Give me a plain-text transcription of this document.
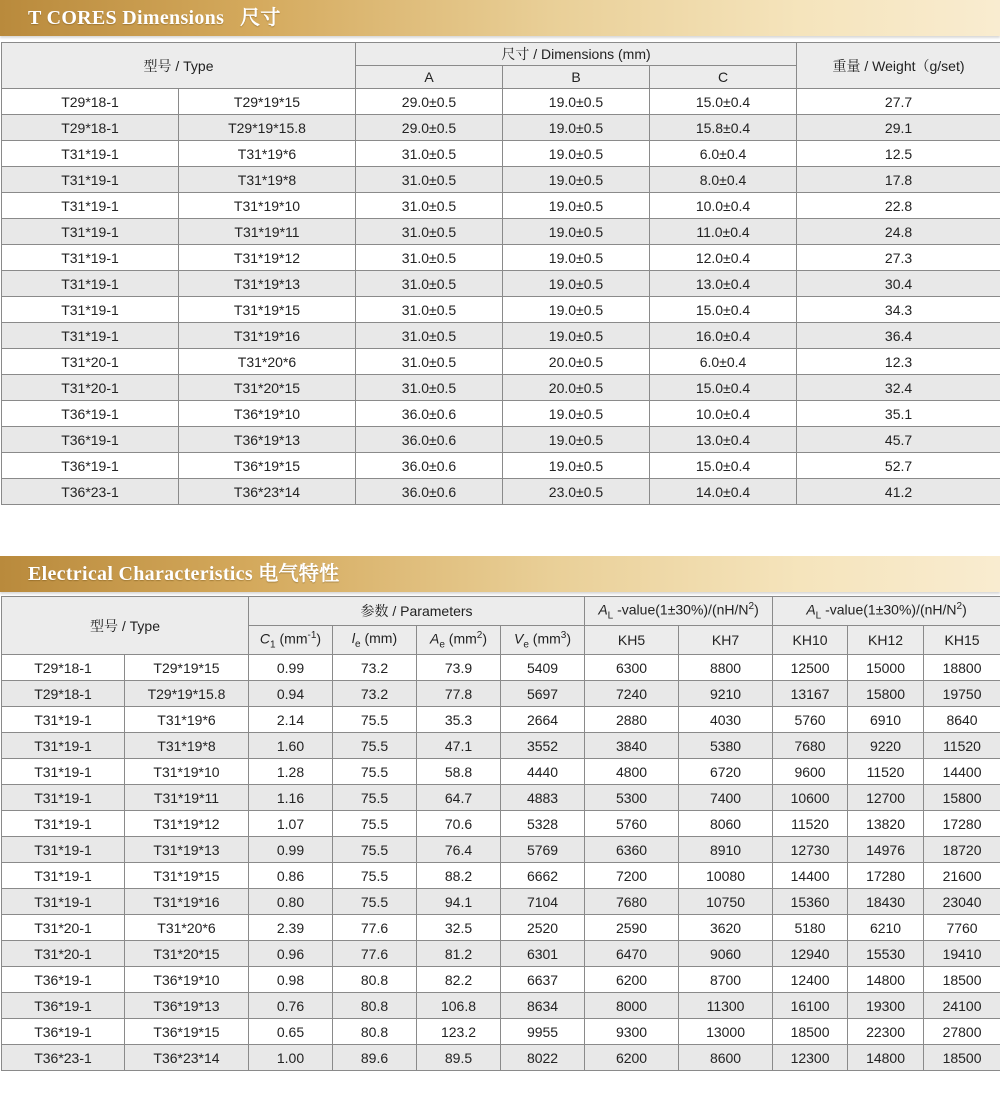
T CORES Dimensions   尺寸
型号 / Type		尺寸 / Dimensions (mm)			重量 / Weight（g/set)
		A	B	C	
T29*18-1	T29*19*15	29.0±0.5	19.0±0.5	15.0±0.4	27.7
T29*18-1	T29*19*15.8	29.0±0.5	19.0±0.5	15.8±0.4	29.1
T31*19-1	T31*19*6	31.0±0.5	19.0±0.5	6.0±0.4	12.5
T31*19-1	T31*19*8	31.0±0.5	19.0±0.5	8.0±0.4	17.8
T31*19-1	T31*19*10	31.0±0.5	19.0±0.5	10.0±0.4	22.8
T31*19-1	T31*19*11	31.0±0.5	19.0±0.5	11.0±0.4	24.8
T31*19-1	T31*19*12	31.0±0.5	19.0±0.5	12.0±0.4	27.3
T31*19-1	T31*19*13	31.0±0.5	19.0±0.5	13.0±0.4	30.4
T31*19-1	T31*19*15	31.0±0.5	19.0±0.5	15.0±0.4	34.3
T31*19-1	T31*19*16	31.0±0.5	19.0±0.5	16.0±0.4	36.4
T31*20-1	T31*20*6	31.0±0.5	20.0±0.5	6.0±0.4	12.3
T31*20-1	T31*20*15	31.0±0.5	20.0±0.5	15.0±0.4	32.4
T36*19-1	T36*19*10	36.0±0.6	19.0±0.5	10.0±0.4	35.1
T36*19-1	T36*19*13	36.0±0.6	19.0±0.5	13.0±0.4	45.7
T36*19-1	T36*19*15	36.0±0.6	19.0±0.5	15.0±0.4	52.7
T36*23-1	T36*23*14	36.0±0.6	23.0±0.5	14.0±0.4	41.2
Electrical Characteristics 电气特性
型号 / Type		参数 / Parameters				$A_L$ $-value(1\pm 30\%)/(nH/N^2)$		$A_L$ $-value(1\pm 30\%)/(nH/N^2)$		
		$C_1$ $(mm^{-1})$	$l_e$ (mm)	$A_e$ $(mm^2)$	$V_e$ $(mm^3)$	KH5	KH7	KH10	KH12	KH15
T29*18-1	T29*19*15	0.99	73.2	73.9	5409	6300	8800	12500	15000	18800
T29*18-1	T29*19*15.8	0.94	73.2	77.8	5697	7240	9210	13167	15800	19750
T31*19-1	T31*19*6	2.14	75.5	35.3	2664	2880	4030	5760	6910	8640
T31*19-1	T31*19*8	1.60	75.5	47.1	3552	3840	5380	7680	9220	11520
T31*19-1	T31*19*10	1.28	75.5	58.8	4440	4800	6720	9600	11520	14400
T31*19-1	T31*19*11	1.16	75.5	64.7	4883	5300	7400	10600	12700	15800
T31*19-1	T31*19*12	1.07	75.5	70.6	5328	5760	8060	11520	13820	17280
T31*19-1	T31*19*13	0.99	75.5	76.4	5769	6360	8910	12730	14976	18720
T31*19-1	T31*19*15	0.86	75.5	88.2	6662	7200	10080	14400	17280	21600
T31*19-1	T31*19*16	0.80	75.5	94.1	7104	7680	10750	15360	18430	23040
T31*20-1	T31*20*6	2.39	77.6	32.5	2520	2590	3620	5180	6210	7760
T31*20-1	T31*20*15	0.96	77.6	81.2	6301	6470	9060	12940	15530	19410
T36*19-1	T36*19*10	0.98	80.8	82.2	6637	6200	8700	12400	14800	18500
T36*19-1	T36*19*13	0.76	80.8	106.8	8634	8000	11300	16100	19300	24100
T36*19-1	T36*19*15	0.65	80.8	123.2	9955	9300	13000	18500	22300	27800
T36*23-1	T36*23*14	1.00	89.6	89.5	8022	6200	8600	12300	14800	18500
